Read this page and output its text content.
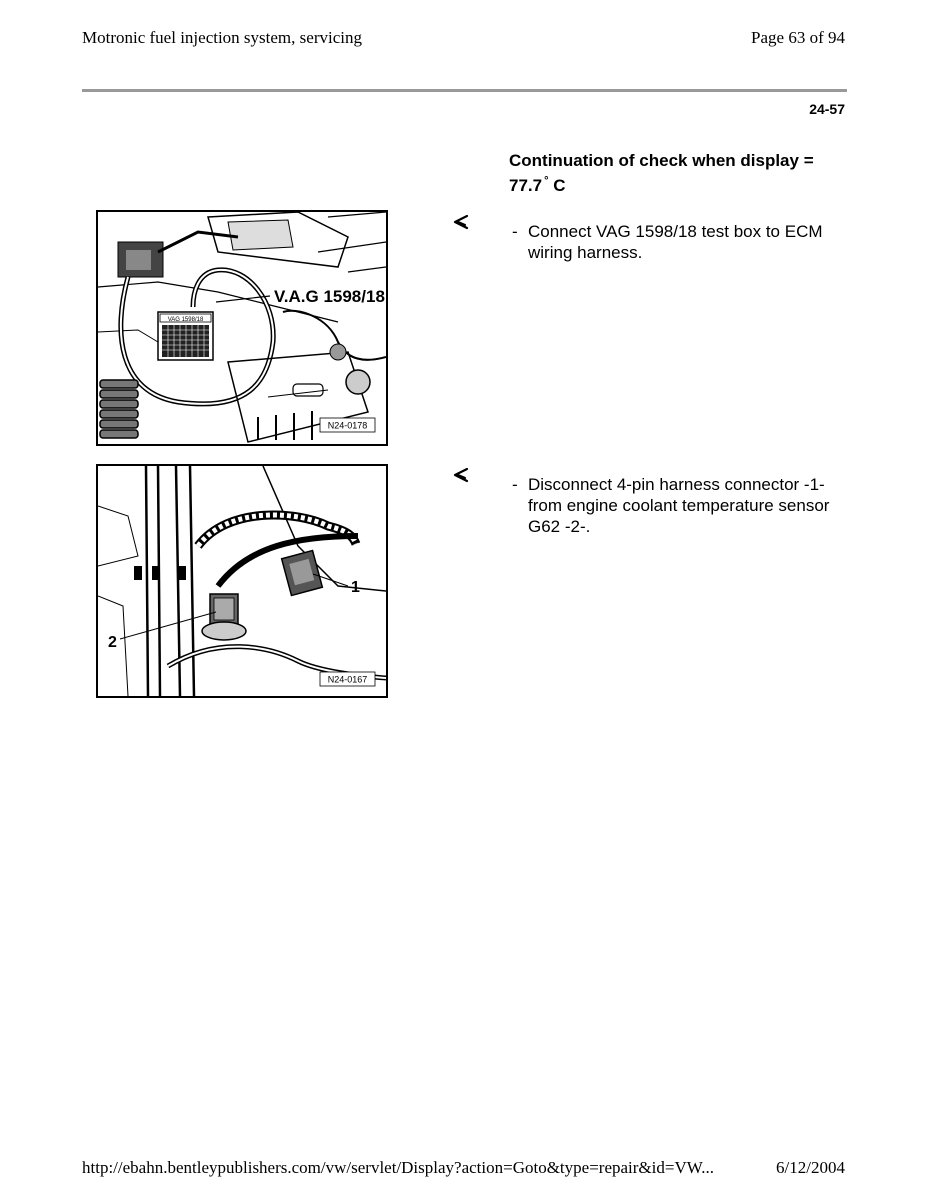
Motronic fuel injection system, servicing	Page 63 of 94
24-57
Continuation of check when display = 77.7 ° C
VAG 1598/18
V.A.G 1598/18
N24-0178
1
2
N24-0167
- Connect VAG 1598/18 test box to ECM wiring harness.
- Disconnect 4-pin harness connector -1- from engine coolant temperature sensor G62 -2-.
http://ebahn.bentleypublishers.com/vw/servlet/Display?action=Goto&type=repair&id=VW...	6/12/2004
